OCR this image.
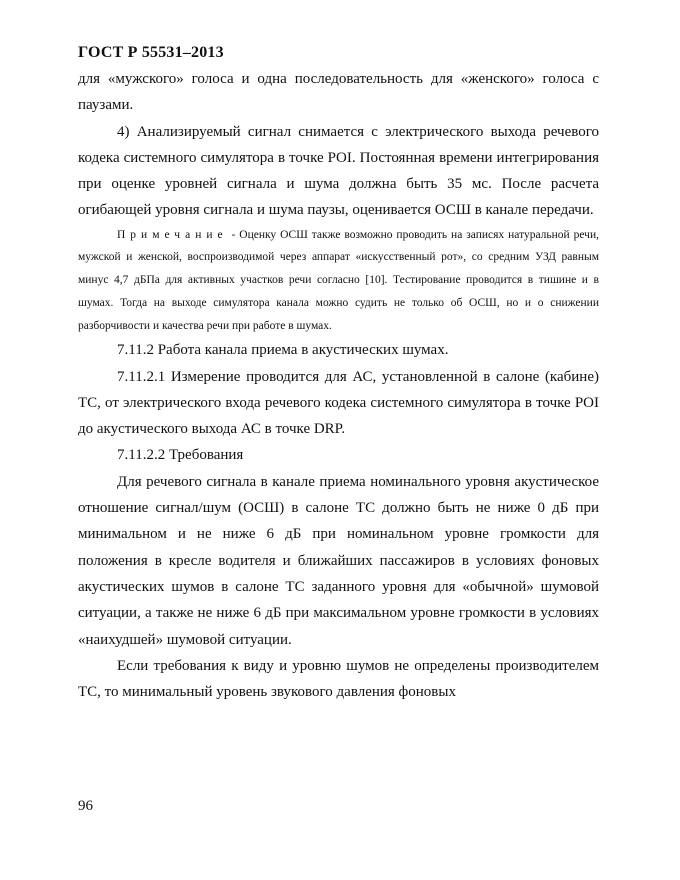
ГОСТ Р 55531–2013

для «мужского» голоса и одна последовательность для «женского» голоса с паузами.

4) Анализируемый сигнал снимается с электрического выхода речевого кодека системного симулятора в точке POI. Постоянная времени интегрирования при оценке уровней сигнала и шума должна быть 35 мс. После расчета огибающей уровня сигнала и шума паузы, оценивается ОСШ в канале передачи.

Примечание - Оценку ОСШ также возможно проводить на записях натуральной речи, мужской и женской, воспроизводимой через аппарат «искусственный рот», со средним УЗД равным минус 4,7 дБПа для активных участков речи согласно [10]. Тестирование проводится в тишине и в шумах. Тогда на выходе симулятора канала можно судить не только об ОСШ, но и о снижении разборчивости и качества речи при работе в шумах.

7.11.2 Работа канала приема в акустических шумах.

7.11.2.1 Измерение проводится для АС, установленной в салоне (кабине) ТС, от электрического входа речевого кодека системного симулятора в точке POI до акустического выхода АС в точке DRP.

7.11.2.2 Требования

Для речевого сигнала в канале приема номинального уровня акустическое отношение сигнал/шум (ОСШ) в салоне ТС должно быть не ниже 0 дБ при минимальном и не ниже 6 дБ при номинальном уровне громкости для положения в кресле водителя и ближайших пассажиров в условиях фоновых акустических шумов в салоне ТС заданного уровня для «обычной» шумовой ситуации, а также не ниже 6 дБ при максимальном уровне громкости в условиях «наихудшей» шумовой ситуации.

Если требования к виду и уровню шумов не определены производителем ТС, то минимальный уровень звукового давления фоновых

96
